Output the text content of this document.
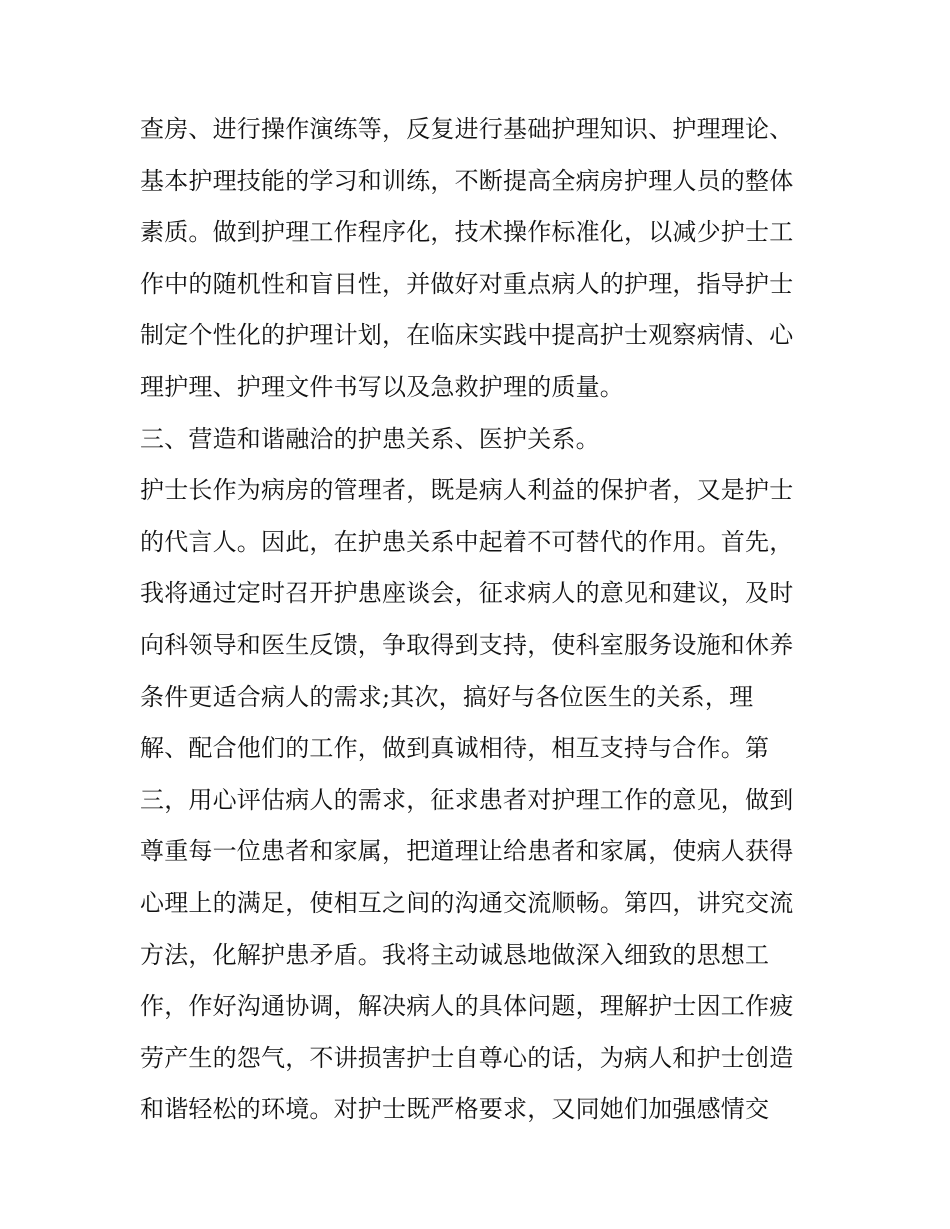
查房、进行操作演练等，反复进行基础护理知识、护理理论、
基本护理技能的学习和训练，不断提高全病房护理人员的整体
素质。做到护理工作程序化，技术操作标准化，以减少护士工
作中的随机性和盲目性，并做好对重点病人的护理，指导护士
制定个性化的护理计划，在临床实践中提高护士观察病情、心
理护理、护理文件书写以及急救护理的质量。
三、营造和谐融洽的护患关系、医护关系。
护士长作为病房的管理者，既是病人利益的保护者，又是护士
的代言人。因此，在护患关系中起着不可替代的作用。首先，
我将通过定时召开护患座谈会，征求病人的意见和建议，及时
向科领导和医生反馈，争取得到支持，使科室服务设施和休养
条件更适合病人的需求;其次，搞好与各位医生的关系，理
解、配合他们的工作，做到真诚相待，相互支持与合作。第
三，用心评估病人的需求，征求患者对护理工作的意见，做到
尊重每一位患者和家属，把道理让给患者和家属，使病人获得
心理上的满足，使相互之间的沟通交流顺畅。第四，讲究交流
方法，化解护患矛盾。我将主动诚恳地做深入细致的思想工
作，作好沟通协调，解决病人的具体问题，理解护士因工作疲
劳产生的怨气，不讲损害护士自尊心的话，为病人和护士创造
和谐轻松的环境。对护士既严格要求，又同她们加强感情交
